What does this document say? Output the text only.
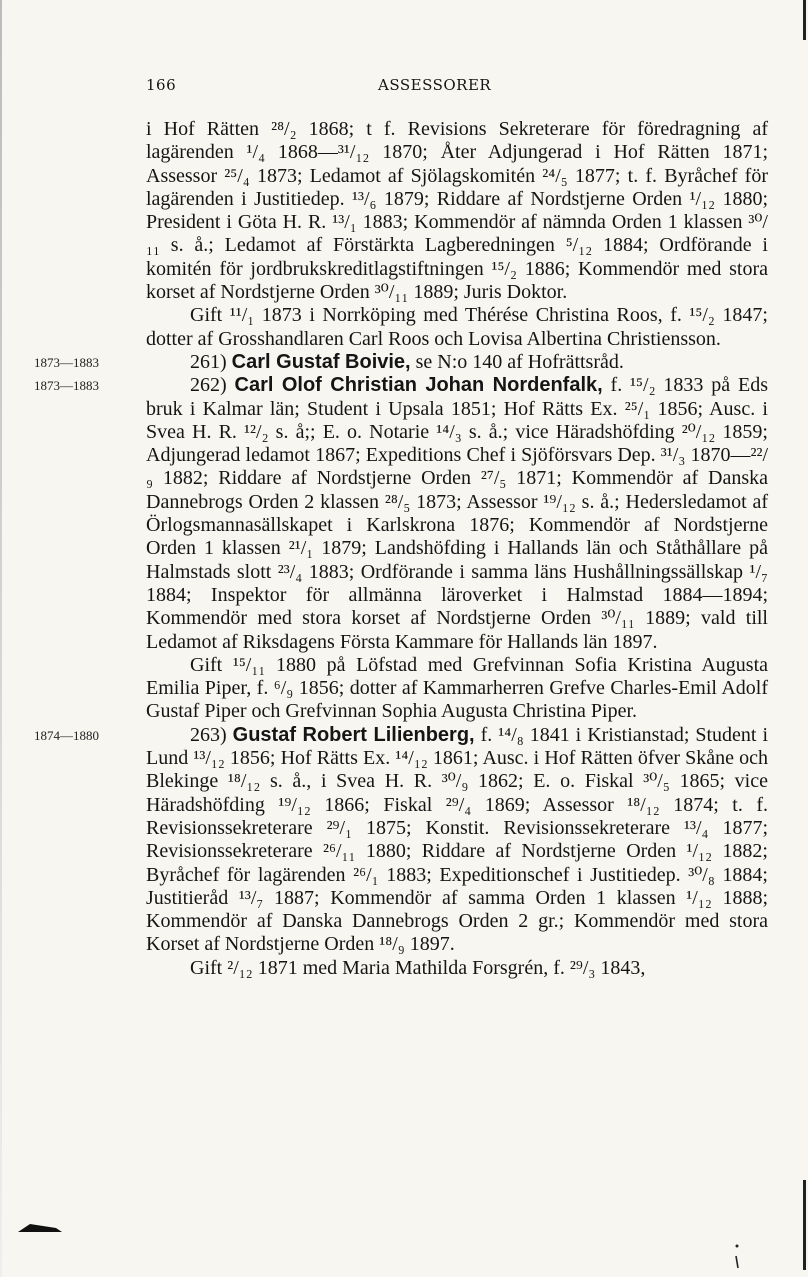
166	ASSESSORER

i Hof Rätten ²⁸/₂ 1868; t f. Revisions Sekreterare för föredragning af lagärenden ¹/₄ 1868—³¹/₁₂ 1870; Åter Adjungerad i Hof Rätten 1871; Assessor ²⁵/₄ 1873; Ledamot af Sjölagskomitén ²⁴/₅ 1877; t. f. Byråchef för lagärenden i Justitiedep. ¹³/₆ 1879; Riddare af Nordstjerne Orden ¹/₁₂ 1880; President i Göta H. R. ¹³/₁ 1883; Kommendör af nämnda Orden 1 klassen ³⁰/₁₁ s. å.; Ledamot af Förstärkta Lagberedningen ⁵/₁₂ 1884; Ordförande i komitén för jordbrukskreditlagstiftningen ¹⁵/₂ 1886; Kommendör med stora korset af Nordstjerne Orden ³⁰/₁₁ 1889; Juris Doktor.

Gift ¹¹/₁ 1873 i Norrköping med Thérése Christina Roos, f. ¹⁵/₂ 1847; dotter af Grosshandlaren Carl Roos och Lovisa Albertina Christiensson.

1873—1883	261) Carl Gustaf Boivie, se N:o 140 af Hofrättsråd.

1873—1883	262) Carl Olof Christian Johan Nordenfalk, f. ¹⁵/₂ 1833 på Eds bruk i Kalmar län; Student i Upsala 1851; Hof Rätts Ex. ²⁵/₁ 1856; Ausc. i Svea H. R. ¹²/₂ s. å;; E. o. Notarie ¹⁴/₃ s. å.; vice Häradshöfding ²⁰/₁₂ 1859; Adjungerad ledamot 1867; Expeditions Chef i Sjöförsvars Dep. ³¹/₃ 1870—²²/₉ 1882; Riddare af Nordstjerne Orden ²⁷/₅ 1871; Kommendör af Danska Dannebrogs Orden 2 klassen ²⁸/₅ 1873; Assessor ¹⁹/₁₂ s. å.; Hedersledamot af Örlogsmannasällskapet i Karlskrona 1876; Kommendör af Nordstjerne Orden 1 klassen ²¹/₁ 1879; Landshöfding i Hallands län och Ståthållare på Halmstads slott ²³/₄ 1883; Ordförande i samma läns Hushållningssällskap ¹/₇ 1884; Inspektor för allmänna läroverket i Halmstad 1884—1894; Kommendör med stora korset af Nordstjerne Orden ³⁰/₁₁ 1889; vald till Ledamot af Riksdagens Första Kammare för Hallands län 1897.

Gift ¹⁵/₁₁ 1880 på Löfstad med Grefvinnan Sofia Kristina Augusta Emilia Piper, f. ⁶/₉ 1856; dotter af Kammarherren Grefve Charles-Emil Adolf Gustaf Piper och Grefvinnan Sophia Augusta Christina Piper.

1874—1880	263) Gustaf Robert Lilienberg, f. ¹⁴/₈ 1841 i Kristianstad; Student i Lund ¹³/₁₂ 1856; Hof Rätts Ex. ¹⁴/₁₂ 1861; Ausc. i Hof Rätten öfver Skåne och Blekinge ¹⁸/₁₂ s. å., i Svea H. R. ³⁰/₉ 1862; E. o. Fiskal ³⁰/₅ 1865; vice Häradshöfding ¹⁹/₁₂ 1866; Fiskal ²⁹/₄ 1869; Assessor ¹⁸/₁₂ 1874; t. f. Revisionssekreterare ²⁹/₁ 1875; Konstit. Revisionssekreterare ¹³/₄ 1877; Revisionssekreterare ²⁶/₁₁ 1880; Riddare af Nordstjerne Orden ¹/₁₂ 1882; Byråchef för lagärenden ²⁶/₁ 1883; Expeditionschef i Justitiedep. ³⁰/₈ 1884; Justitieråd ¹³/₇ 1887; Kommendör af samma Orden 1 klassen ¹/₁₂ 1888; Kommendör af Danska Dannebrogs Orden 2 gr.; Kommendör med stora Korset af Nordstjerne Orden ¹⁸/₉ 1897.

Gift ²/₁₂ 1871 med Maria Mathilda Forsgrén, f. ²⁹/₃ 1843,
